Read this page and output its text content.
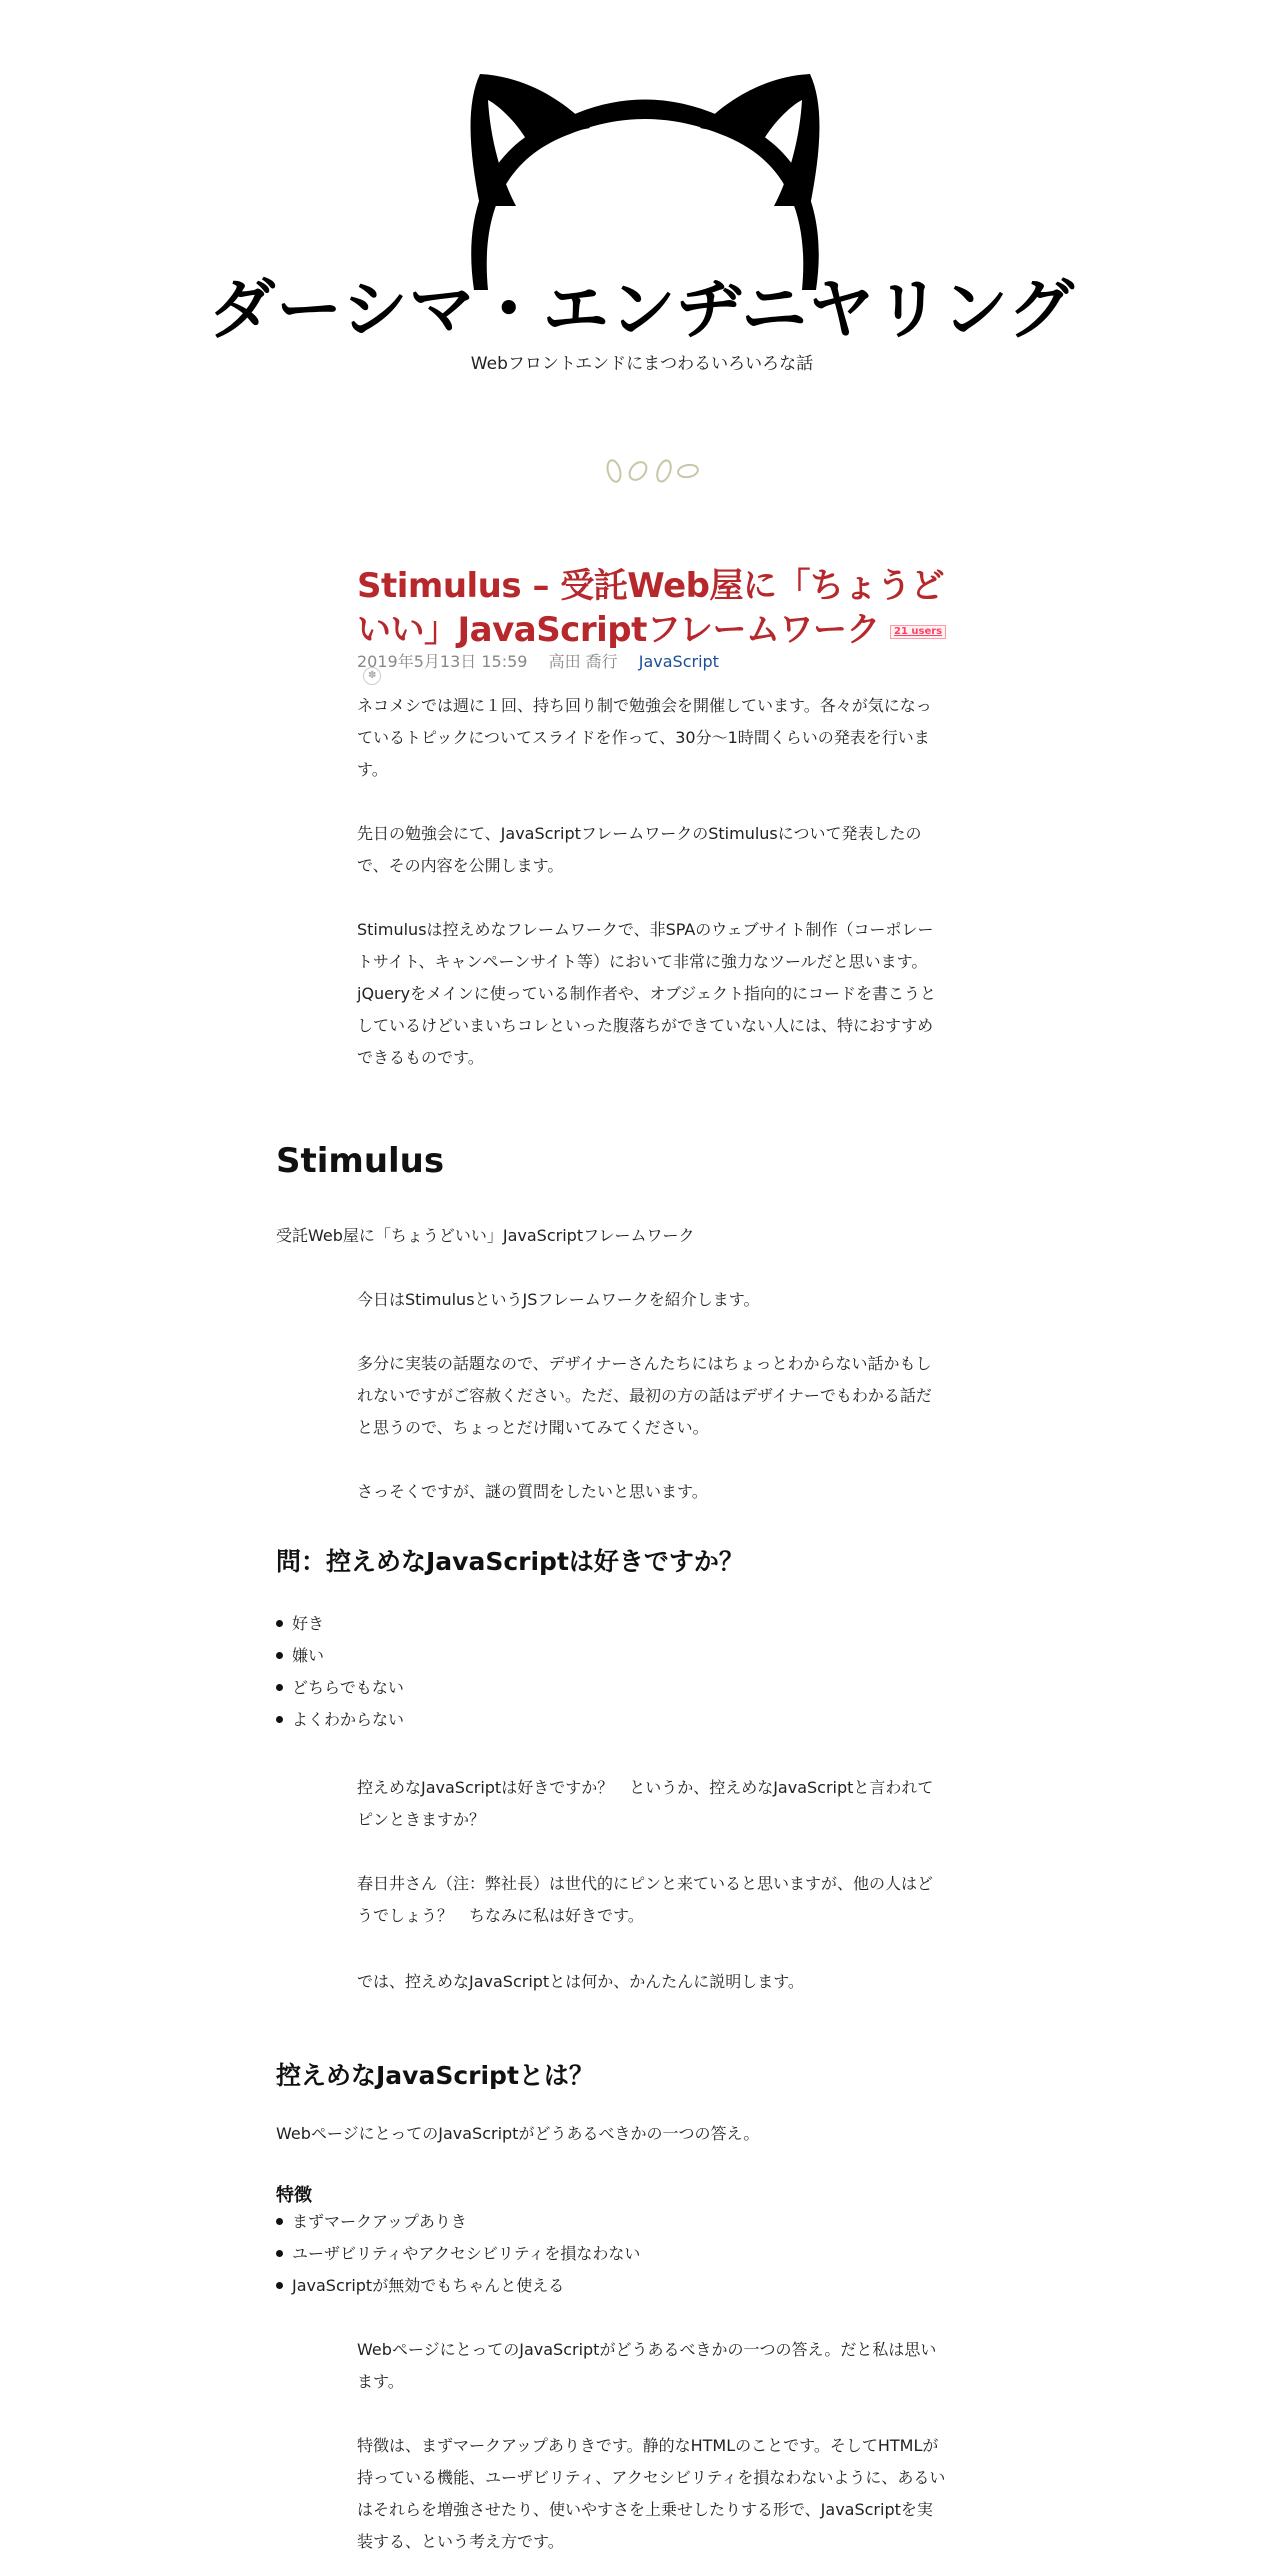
ダーシマ・エンヂニヤリング
Webフロントエンドにまつわるいろいろな話
Stimulus – 受託Web屋に「ちょうどいい」JavaScriptフレームワーク 21 users✽
2019年5月13日 15:59 高田 喬行 JavaScript
ネコメシでは週に１回、持ち回り制で勉強会を開催しています。各々が気になっているトピックについてスライドを作って、30分～1時間くらいの発表を行います。
先日の勉強会にて、JavaScriptフレームワークのStimulusについて発表したので、その内容を公開します。
Stimulusは控えめなフレームワークで、非SPAのウェブサイト制作（コーポレートサイト、キャンペーンサイト等）において非常に強力なツールだと思います。jQueryをメインに使っている制作者や、オブジェクト指向的にコードを書こうとしているけどいまいちコレといった腹落ちができていない人には、特におすすめできるものです。
Stimulus
受託Web屋に「ちょうどいい」JavaScriptフレームワーク
今日はStimulusというJSフレームワークを紹介します。
多分に実装の話題なので、デザイナーさんたちにはちょっとわからない話かもしれないですがご容赦ください。ただ、最初の方の話はデザイナーでもわかる話だと思うので、ちょっとだけ聞いてみてください。
さっそくですが、謎の質問をしたいと思います。
問：控えめなJavaScriptは好きですか？
好き
嫌い
どちらでもない
よくわからない
控えめなJavaScriptは好きですか？　というか、控えめなJavaScriptと言われてピンときますか？
春日井さん（注：弊社長）は世代的にピンと来ていると思いますが、他の人はどうでしょう？　ちなみに私は好きです。
では、控えめなJavaScriptとは何か、かんたんに説明します。
控えめなJavaScriptとは？
WebページにとってのJavaScriptがどうあるべきかの一つの答え。
特徴
まずマークアップありき
ユーザビリティやアクセシビリティを損なわない
JavaScriptが無効でもちゃんと使える
WebページにとってのJavaScriptがどうあるべきかの一つの答え。だと私は思います。
特徴は、まずマークアップありきです。静的なHTMLのことです。そしてHTMLが持っている機能、ユーザビリティ、アクセシビリティを損なわないように、あるいはそれらを増強させたり、使いやすさを上乗せしたりする形で、JavaScriptを実装する、という考え方です。
